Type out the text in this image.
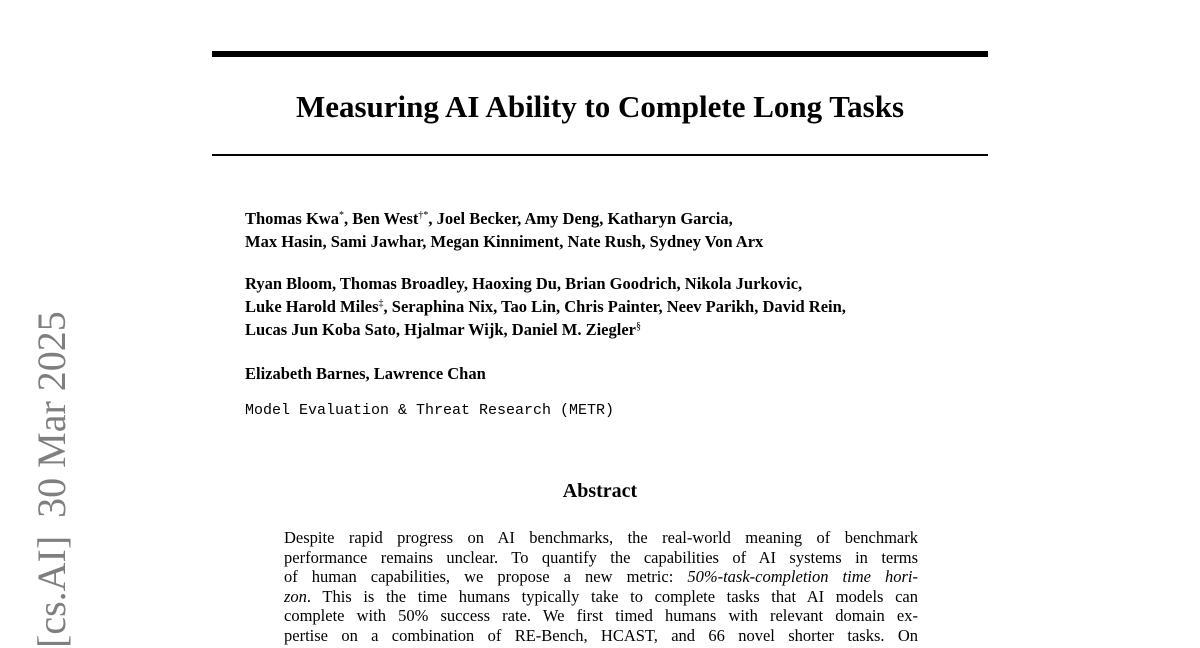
[cs.AI]30 Mar 2025
Measuring AI Ability to Complete Long Tasks
Thomas Kwa*, Ben West†*, Joel Becker, Amy Deng, Katharyn Garcia,
Max Hasin, Sami Jawhar, Megan Kinniment, Nate Rush, Sydney Von Arx
Ryan Bloom, Thomas Broadley, Haoxing Du, Brian Goodrich, Nikola Jurkovic,
Luke Harold Miles‡, Seraphina Nix, Tao Lin, Chris Painter, Neev Parikh, David Rein,
Lucas Jun Koba Sato, Hjalmar Wijk, Daniel M. Ziegler§
Elizabeth Barnes, Lawrence Chan
Model Evaluation & Threat Research (METR)
Abstract
Despite rapid progress on AI benchmarks, the real-world meaning of benchmark
performance remains unclear. To quantify the capabilities of AI systems in terms
of human capabilities, we propose a new metric: 50%-task-completion time hori-
zon. This is the time humans typically take to complete tasks that AI models can
complete with 50% success rate. We first timed humans with relevant domain ex-
pertise on a combination of RE-Bench, HCAST, and 66 novel shorter tasks. On
